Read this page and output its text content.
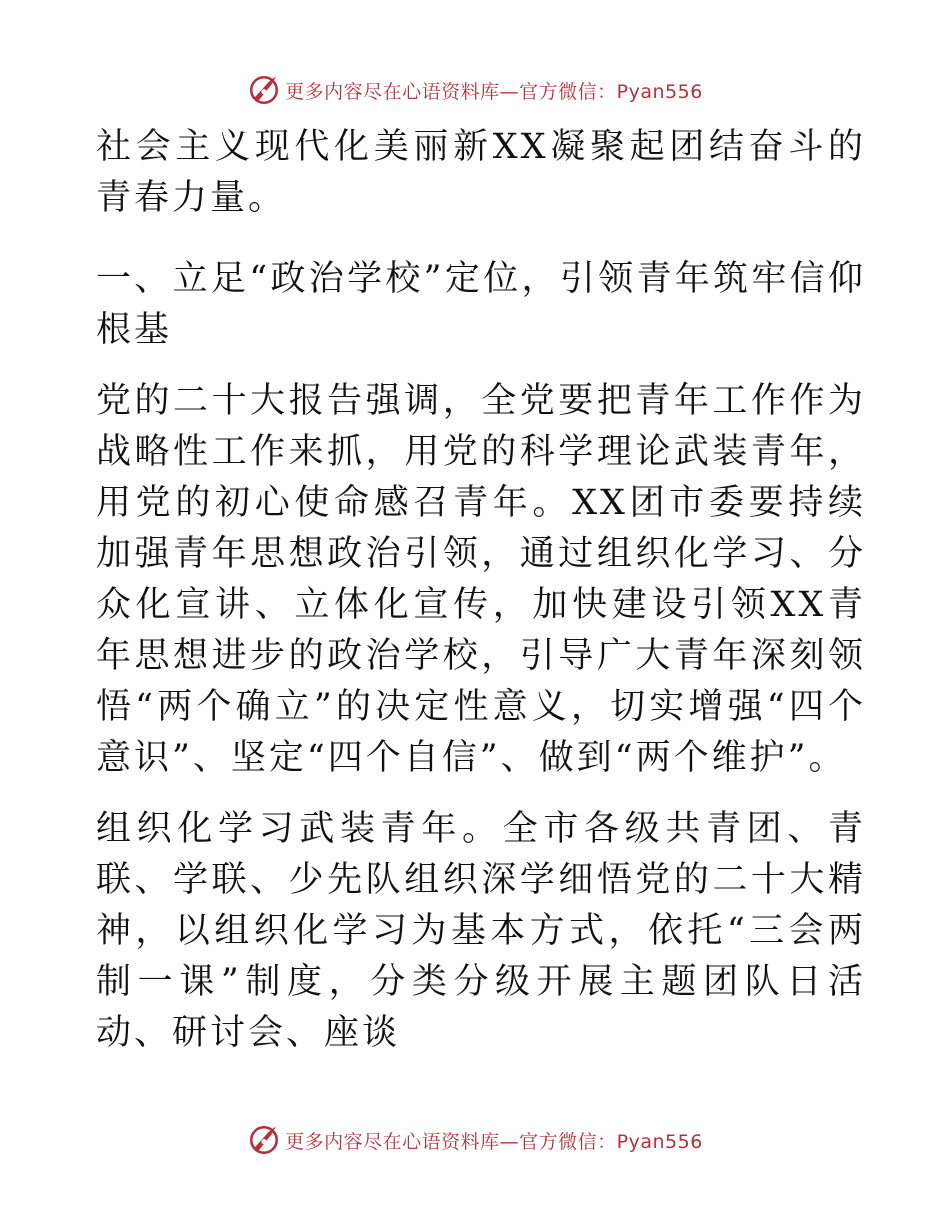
更多内容尽在心语资料库—官方微信：Pyan556

社会主义现代化美丽新XX凝聚起团结奋斗的青春力量。

一、立足“政治学校”定位，引领青年筑牢信仰根基

党的二十大报告强调，全党要把青年工作作为战略性工作来抓，用党的科学理论武装青年，用党的初心使命感召青年。XX团市委要持续加强青年思想政治引领，通过组织化学习、分众化宣讲、立体化宣传，加快建设引领XX青年思想进步的政治学校，引导广大青年深刻领悟“两个确立”的决定性意义，切实增强“四个意识”、坚定“四个自信”、做到“两个维护”。

组织化学习武装青年。全市各级共青团、青联、学联、少先队组织深学细悟党的二十大精神，以组织化学习为基本方式，依托“三会两制一课”制度，分类分级开展主题团队日活动、研讨会、座谈

更多内容尽在心语资料库—官方微信：Pyan556
